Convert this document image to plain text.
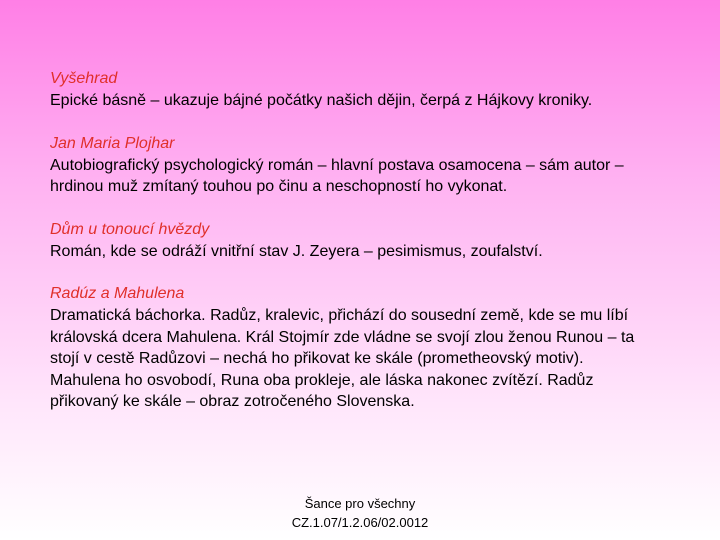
Vyšehrad
Epické básně – ukazuje bájné počátky našich dějin, čerpá z Hájkovy kroniky.
Jan Maria Plojhar
Autobiografický psychologický román – hlavní postava osamocena – sám autor – hrdinou muž zmítaný touhou po činu a neschopností ho vykonat.
Dům u tonoucí hvězdy
Román, kde se odráží vnitřní stav J. Zeyera – pesimismus, zoufalství.
Radúz a Mahulena
Dramatická báchorka. Radůz, kralevic, přichází do sousední země, kde se mu líbí královská dcera Mahulena. Král Stojmír zde vládne se svojí zlou ženou Runou – ta stojí v cestě Radůzovi – nechá ho přikovat ke skále (prometheovský motiv). Mahulena ho osvobodí, Runa oba prokleje, ale láska nakonec zvítězí. Radůz přikovaný ke skále – obraz zotročeného Slovenska.
Šance pro všechny
CZ.1.07/1.2.06/02.0012
